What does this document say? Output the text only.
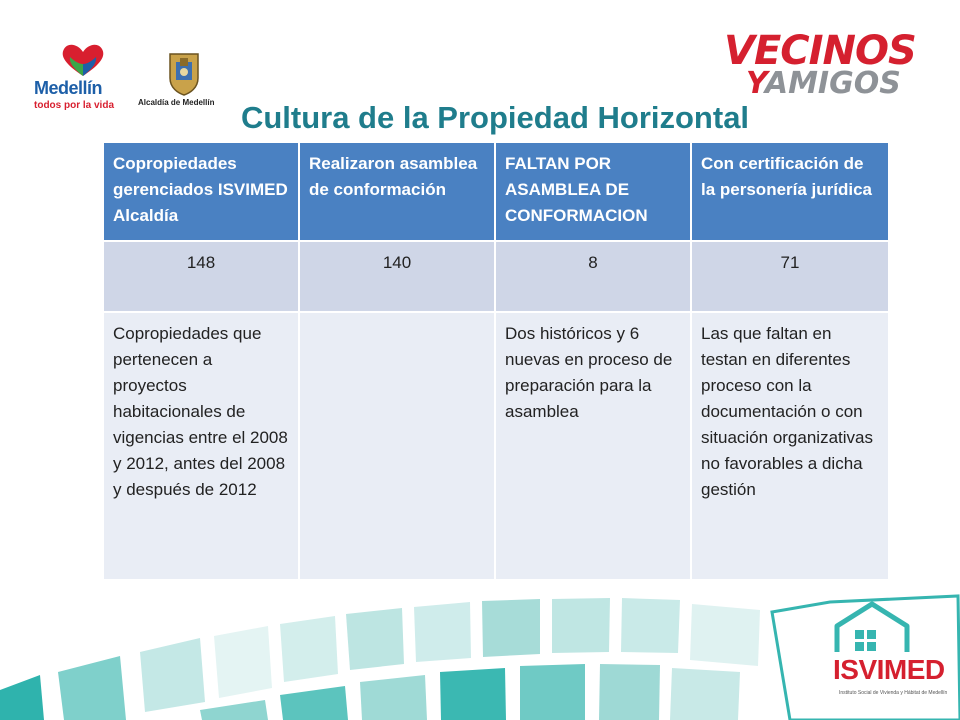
Medellín
todos por la vida	Alcaldía de Medellín
VECINOS
YAMIGOS
Cultura de la Propiedad Horizontal
Copropiedades gerenciados ISVIMED Alcaldía	Realizaron asamblea de conformación	FALTAN POR ASAMBLEA DE CONFORMACION	Con certificación de la personería jurídica
148	140	8	71
Copropiedades que pertenecen a proyectos habitacionales de vigencias entre el 2008 y 2012, antes del 2008 y después de 2012		Dos históricos y 6 nuevas en proceso de preparación para la asamblea	Las que faltan en testan en diferentes proceso con la documentación o con situación organizativas no favorables a dicha gestión
ISVIMED
Instituto Social de Vivienda y Hábitat de Medellín
